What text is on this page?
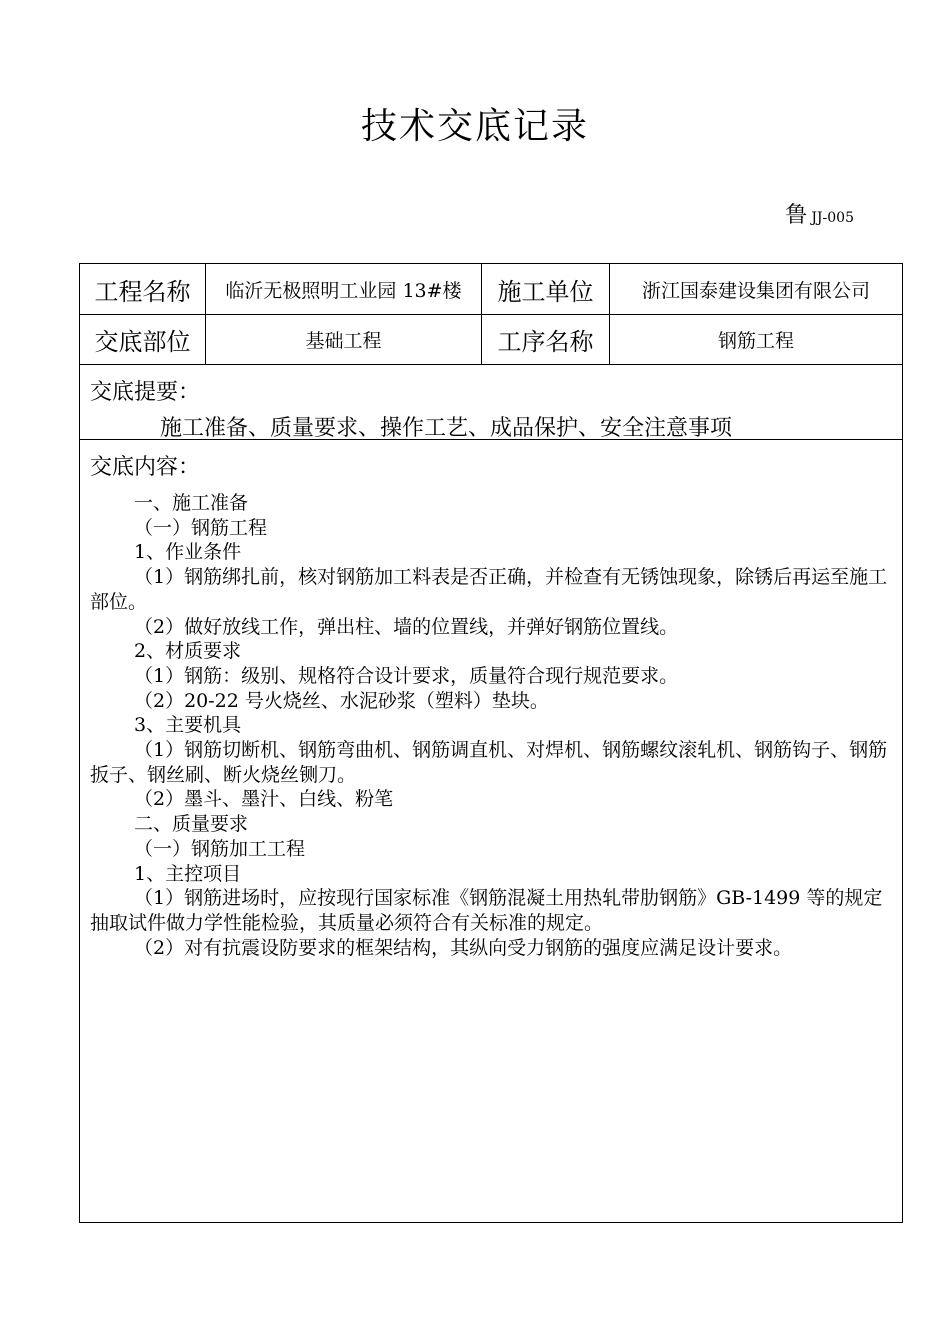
技术交底记录
鲁JJ-005
工程名称	临沂无极照明工业园 13#楼	施工单位	浙江国泰建设集团有限公司
交底部位	基础工程	工序名称	钢筋工程
交底提要：
施工准备、质量要求、操作工艺、成品保护、安全注意事项
交底内容：
一、施工准备
（一）钢筋工程
1、作业条件
（1）钢筋绑扎前，核对钢筋加工料表是否正确，并检查有无锈蚀现象，除锈后再运至施工部位。
（2）做好放线工作，弹出柱、墙的位置线，并弹好钢筋位置线。
2、材质要求
（1）钢筋：级别、规格符合设计要求，质量符合现行规范要求。
（2）20-22 号火烧丝、水泥砂浆（塑料）垫块。
3、主要机具
（1）钢筋切断机、钢筋弯曲机、钢筋调直机、对焊机、钢筋螺纹滚轧机、钢筋钩子、钢筋扳子、钢丝刷、断火烧丝铡刀。
（2）墨斗、墨汁、白线、粉笔
二、质量要求
（一）钢筋加工工程
1、主控项目
（1）钢筋进场时，应按现行国家标准《钢筋混凝土用热轧带肋钢筋》GB-1499 等的规定抽取试件做力学性能检验，其质量必须符合有关标准的规定。
（2）对有抗震设防要求的框架结构，其纵向受力钢筋的强度应满足设计要求。
